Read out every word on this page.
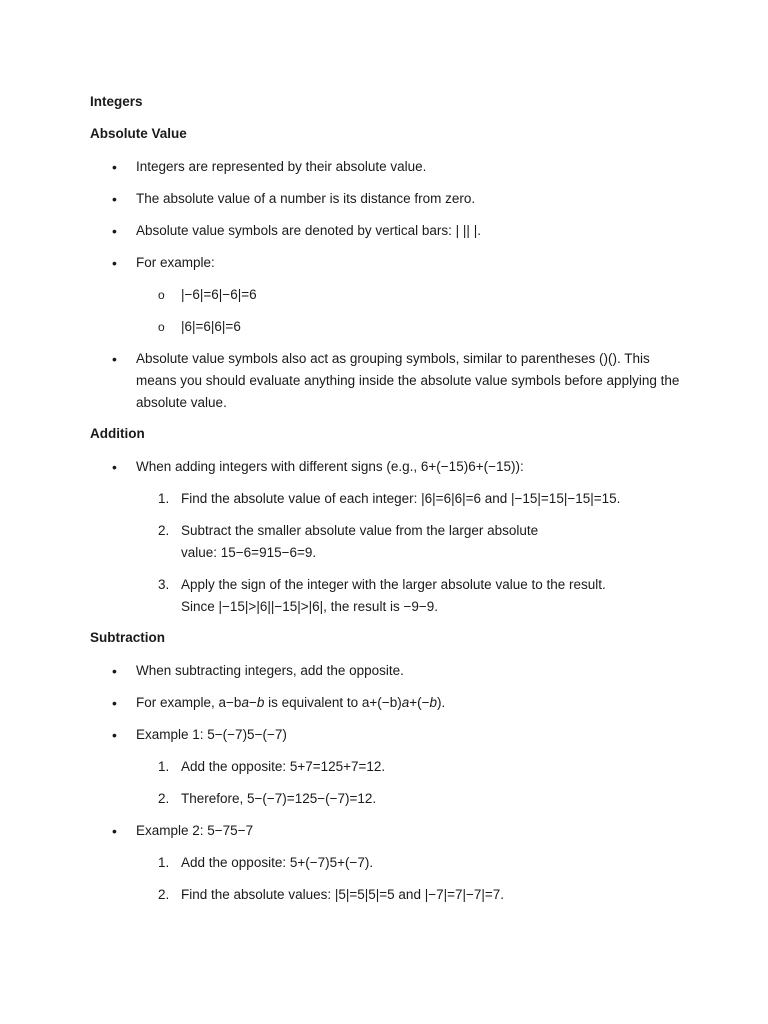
Integers

Absolute Value

• Integers are represented by their absolute value.
• The absolute value of a number is its distance from zero.
• Absolute value symbols are denoted by vertical bars: | || |.
• For example:
o |−6|=6|−6|=6
o |6|=6|6|=6
• Absolute value symbols also act as grouping symbols, similar to parentheses ()(). This means you should evaluate anything inside the absolute value symbols before applying the absolute value.

Addition

• When adding integers with different signs (e.g., 6+(−15)6+(−15)):
1. Find the absolute value of each integer: |6|=6|6|=6 and |−15|=15|−15|=15.
2. Subtract the smaller absolute value from the larger absolute
value: 15−6=915−6=9.
3. Apply the sign of the integer with the larger absolute value to the result.
Since |−15|>|6||−15|>|6|, the result is −9−9.

Subtraction

• When subtracting integers, add the opposite.
• For example, a−ba−b is equivalent to a+(−b)a+(−b).
• Example 1: 5−(−7)5−(−7)
1. Add the opposite: 5+7=125+7=12.
2. Therefore, 5−(−7)=125−(−7)=12.
• Example 2: 5−75−7
1. Add the opposite: 5+(−7)5+(−7).
2. Find the absolute values: |5|=5|5|=5 and |−7|=7|−7|=7.
